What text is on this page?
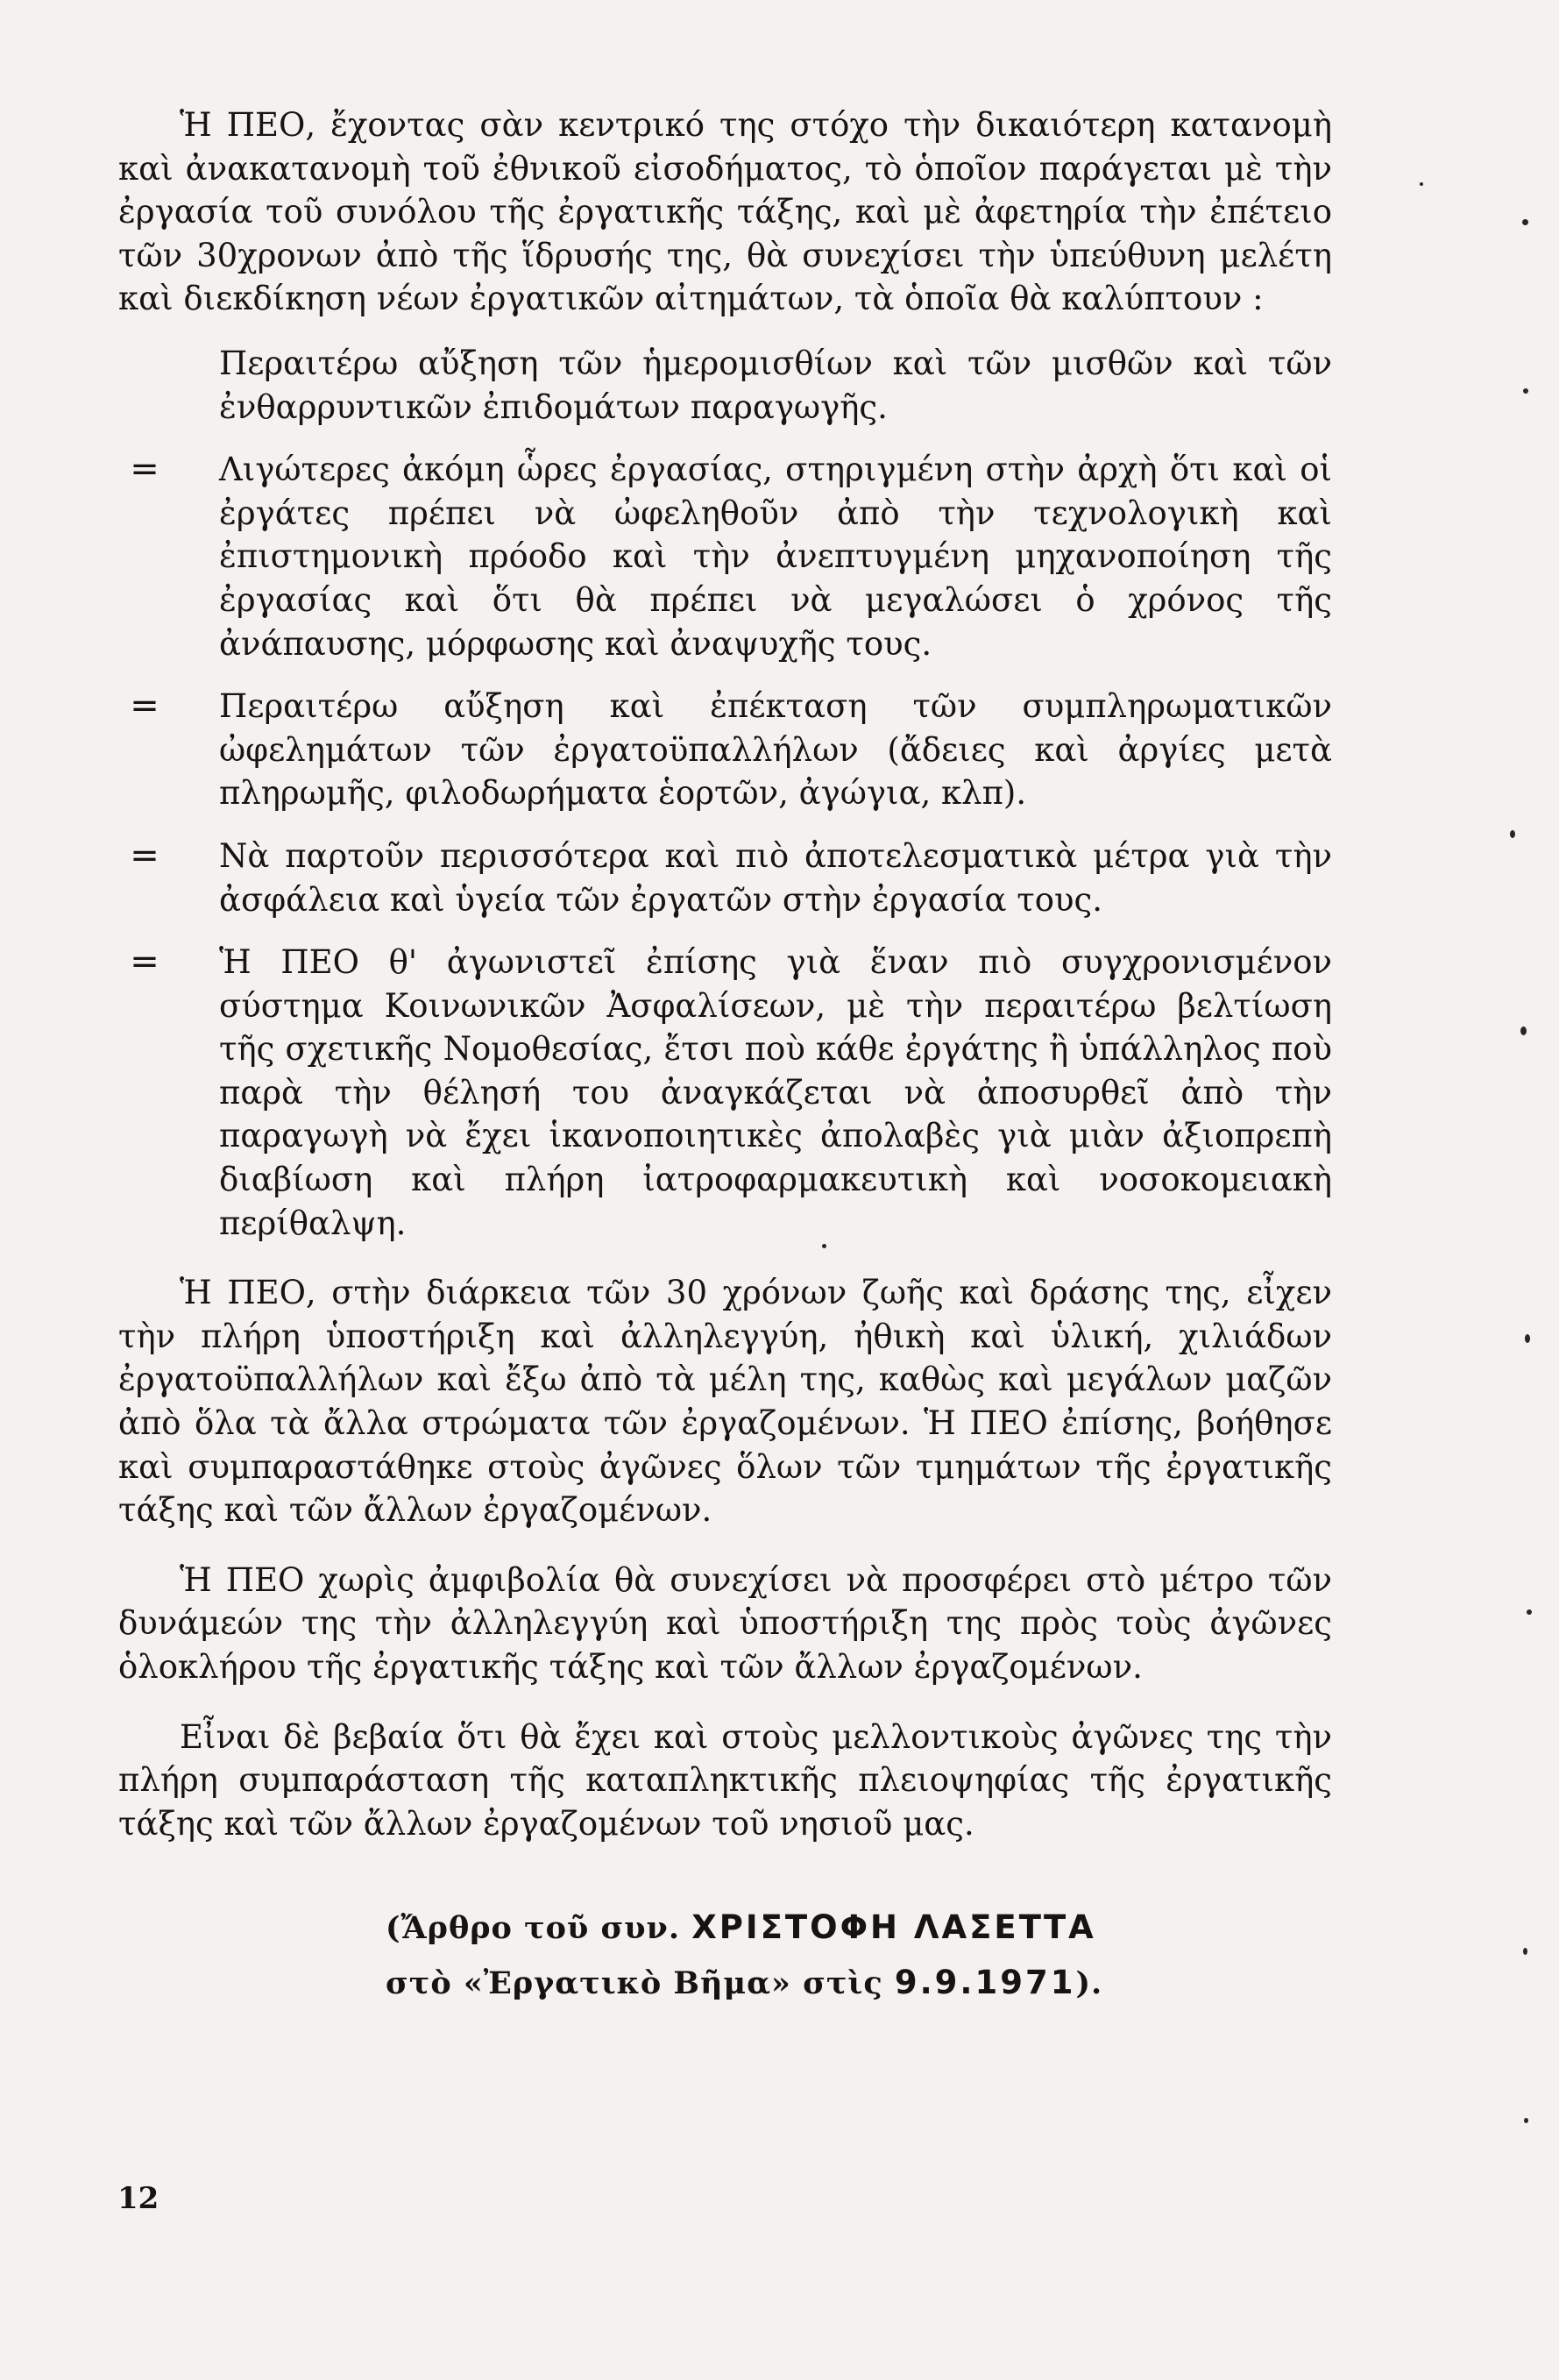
Ἡ ΠΕΟ, ἔχοντας σὰν κεντρικό της στόχο τὴν δικαιότερη κατανομὴ καὶ ἀνακατανομὴ τοῦ ἐθνικοῦ εἰσοδήματος, τὸ ὁποῖον παράγεται μὲ τὴν ἐργασία τοῦ συνόλου τῆς ἐργατικῆς τάξης, καὶ μὲ ἀφετηρία τὴν ἐπέτειο τῶν 30χρονων ἀπὸ τῆς ἵδρυσής της, θὰ συνεχίσει τὴν ὑπεύθυνη μελέτη καὶ διεκδίκηση νέων ἐργατικῶν αἰτημάτων, τὰ ὁποῖα θὰ καλύπτουν :

Περαιτέρω αὔξηση τῶν ἡμερομισθίων καὶ τῶν μισθῶν καὶ τῶν ἐνθαρρυντικῶν ἐπιδομάτων παραγωγῆς.
=	Λιγώτερες ἀκόμη ὧρες ἐργασίας, στηριγμένη στὴν ἀρχὴ ὅτι καὶ οἱ ἐργάτες πρέπει νὰ ὠφεληθοῦν ἀπὸ τὴν τεχνολογικὴ καὶ ἐπιστημονικὴ πρόοδο καὶ τὴν ἀνεπτυγμένη μηχανοποίηση τῆς ἐργασίας καὶ ὅτι θὰ πρέπει νὰ μεγαλώσει ὁ χρόνος τῆς ἀνάπαυσης, μόρφωσης καὶ ἀναψυχῆς τους.
=	Περαιτέρω αὔξηση καὶ ἐπέκταση τῶν συμπληρωματικῶν ὠφελημάτων τῶν ἐργατοϋπαλλήλων (ἄδειες καὶ ἀργίες μετὰ πληρωμῆς, φιλοδωρήματα ἑορτῶν, ἀγώγια, κλπ).
=	Νὰ παρτοῦν περισσότερα καὶ πιὸ ἀποτελεσματικὰ μέτρα γιὰ τὴν ἀσφάλεια καὶ ὑγεία τῶν ἐργατῶν στὴν ἐργασία τους.
=	Ἡ ΠΕΟ θ' ἀγωνιστεῖ ἐπίσης γιὰ ἕναν πιὸ συγχρονισμένον σύστημα Κοινωνικῶν Ἀσφαλίσεων, μὲ τὴν περαιτέρω βελτίωση τῆς σχετικῆς Νομοθεσίας, ἔτσι ποὺ κάθε ἐργάτης ἢ ὑπάλληλος ποὺ παρὰ τὴν θέλησή του ἀναγκάζεται νὰ ἀποσυρθεῖ ἀπὸ τὴν παραγωγὴ νὰ ἔχει ἱκανοποιητικὲς ἀπολαβὲς γιὰ μιὰν ἀξιοπρεπὴ διαβίωση καὶ πλήρη ἰατροφαρμακευτικὴ καὶ νοσοκομειακὴ περίθαλψη.

Ἡ ΠΕΟ, στὴν διάρκεια τῶν 30 χρόνων ζωῆς καὶ δράσης της, εἶχεν τὴν πλήρη ὑποστήριξη καὶ ἀλληλεγγύη, ἠθικὴ καὶ ὑλική, χιλιάδων ἐργατοϋπαλλήλων καὶ ἔξω ἀπὸ τὰ μέλη της, καθὼς καὶ μεγάλων μαζῶν ἀπὸ ὅλα τὰ ἄλλα στρώματα τῶν ἐργαζομένων. Ἡ ΠΕΟ ἐπίσης, βοήθησε καὶ συμπαραστάθηκε στοὺς ἀγῶνες ὅλων τῶν τμημάτων τῆς ἐργατικῆς τάξης καὶ τῶν ἄλλων ἐργαζομένων.

Ἡ ΠΕΟ χωρὶς ἀμφιβολία θὰ συνεχίσει νὰ προσφέρει στὸ μέτρο τῶν δυνάμεών της τὴν ἀλληλεγγύη καὶ ὑποστήριξη της πρὸς τοὺς ἀγῶνες ὁλοκλήρου τῆς ἐργατικῆς τάξης καὶ τῶν ἄλλων ἐργαζομένων.

Εἶναι δὲ βεβαία ὅτι θὰ ἔχει καὶ στοὺς μελλοντικοὺς ἀγῶνες της τὴν πλήρη συμπαράσταση τῆς καταπληκτικῆς πλειοψηφίας τῆς ἐργατικῆς τάξης καὶ τῶν ἄλλων ἐργαζομένων τοῦ νησιοῦ μας.

(Ἄρθρο τοῦ συν. ΧΡΙΣΤΟΦΗ ΛΑΣΕΤΤΑ
στὸ «Ἐργατικὸ Βῆμα» στὶς 9.9.1971).
12
